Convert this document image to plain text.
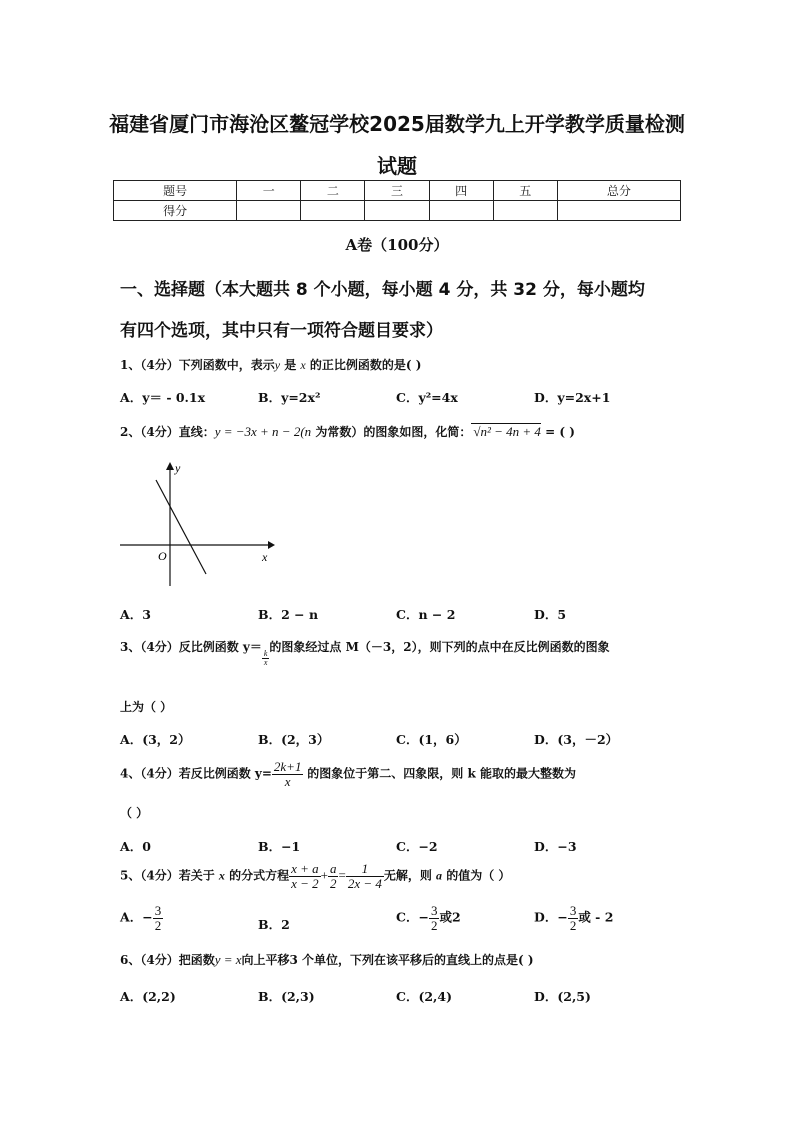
福建省厦门市海沧区鳌冠学校2025届数学九上开学教学质量检测
试题
题号	一	二	三	四	五	总分
得分						
A卷（100分）
一、选择题（本大题共 8 个小题，每小题 4 分，共 32 分，每小题均
有四个选项，其中只有一项符合题目要求）
1、（4分）下列函数中，表示y 是 x 的正比例函数的是( )
A．y＝ - 0.1x	B．y=2x²	C．y²=4x	D．y=2x+1
2、（4分）直线：y = −3x + n − 2(n 为常数）的图象如图，化简： √n² − 4n + 4 = ( )
y
x
O
A．3	B．2 − n	C．n − 2	D．5
3、（4分）反比例函数 y＝
$\frac{k}{x}$
的图象经过点 M（－3，2），则下列的点中在反比例函数的图象
上为（ ）
A．(3，2）	B．(2，3）	C．(1，6）	D．(3，－2）
4、（4分）若反比例函数 $y= \frac{2k+1}{x}$ 的图象位于第二、四象限，则 k 能取的最大整数为
（ ）
A．0	B．−1	C．−2	D．−3
5、（4分）若关于 x 的分式方程 $\frac{x + a}{x - 2} + \frac{a}{2} = \frac{1}{2x - 4}$ 无解，则 a 的值为（ ）
A．− $\frac{3}{2}$	B．2	C．− $\frac{3}{2}$ 或2	D．− $\frac{3}{2}$ 或 - 2
6、（4分）把函数y = x向上平移3 个单位，下列在该平移后的直线上的点是( )
A．(2,2)	B．(2,3)	C．(2,4)	D．(2,5)
